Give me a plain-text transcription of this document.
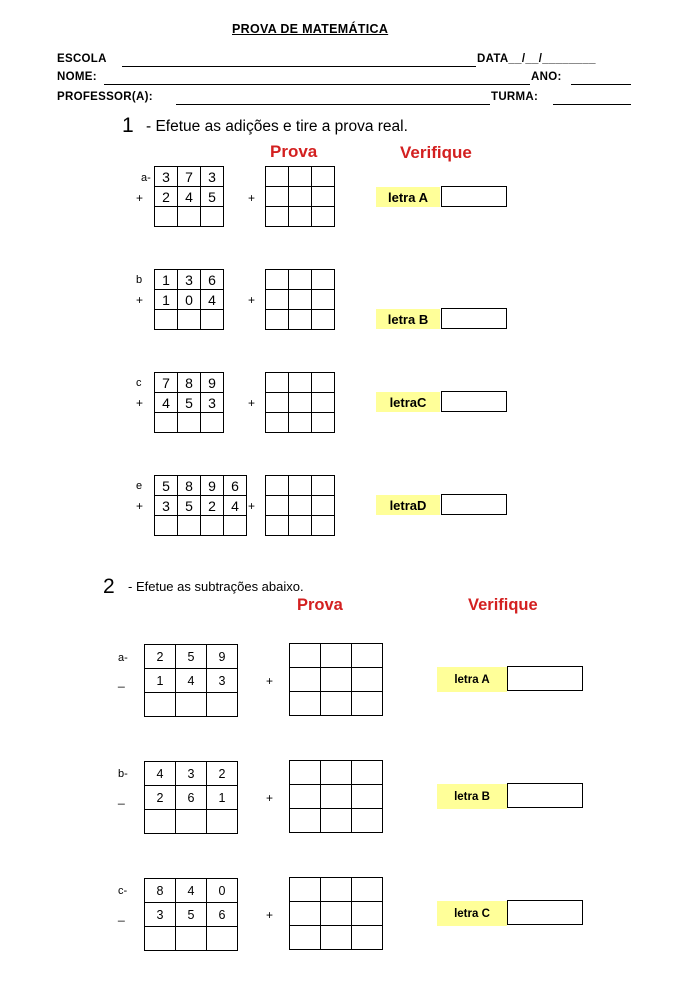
PROVA DE MATEMÁTICA
ESCOLA	DATA__/__/________
NOME:	ANO:
PROFESSOR(A):	TURMA:
1 - Efetue as adições e tire a prova real.
Prova	Verifique
a-
+
3	7	3
2	4	5
			+

			letra A
b
+
1	3	6
1	0	4
			+

letra B
c
+
7	8	9
4	5	3
			+

			letraC
e
+
5	8	9	6
3	5	2	4
			+

			letraD
2 - Efetue as subtrações abaixo.
Prova	Verifique
a-
_
2	5	9
1	4	3
			+

			letra A
b-
_
4	3	2
2	6	1
			+

			letra B
c-
_
8	4	0
3	5	6
			+

			letra C
